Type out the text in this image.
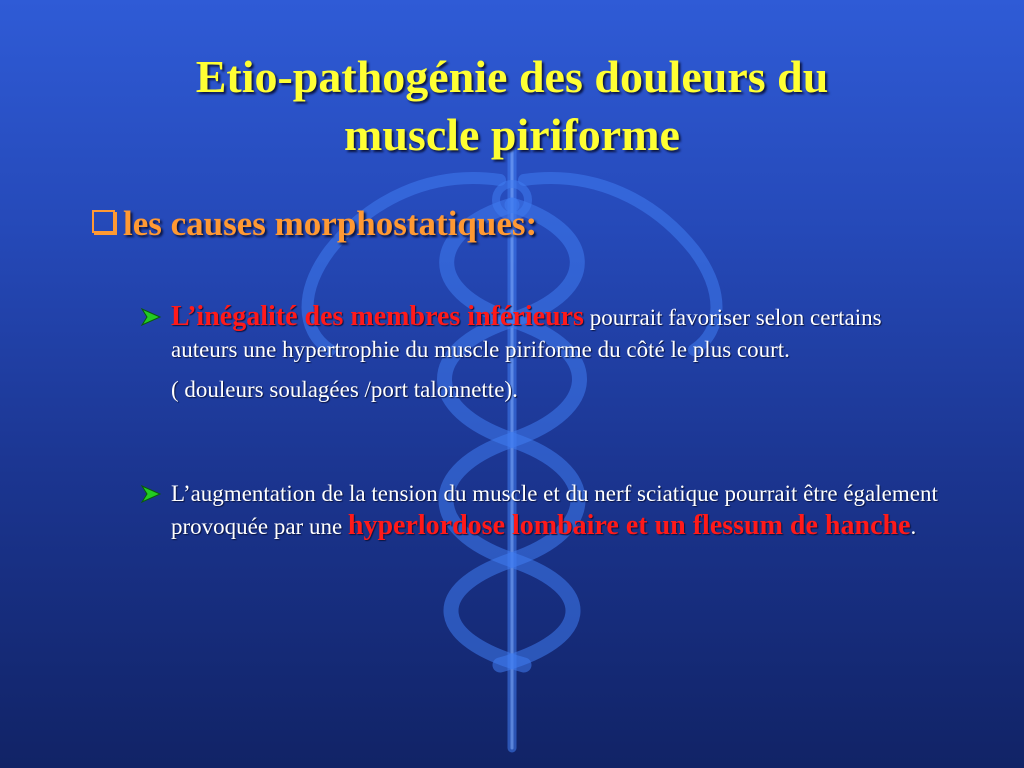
Etio-pathogénie des douleurs du
muscle piriforme
les causes morphostatiques:

L’inégalité des membres inférieurs pourrait favoriser selon certains auteurs une hypertrophie du muscle piriforme du côté le plus court.

( douleurs soulagées /port talonnette).

L’augmentation de la tension du muscle et du nerf sciatique pourrait être également provoquée par une hyperlordose lombaire et un flessum de hanche.
